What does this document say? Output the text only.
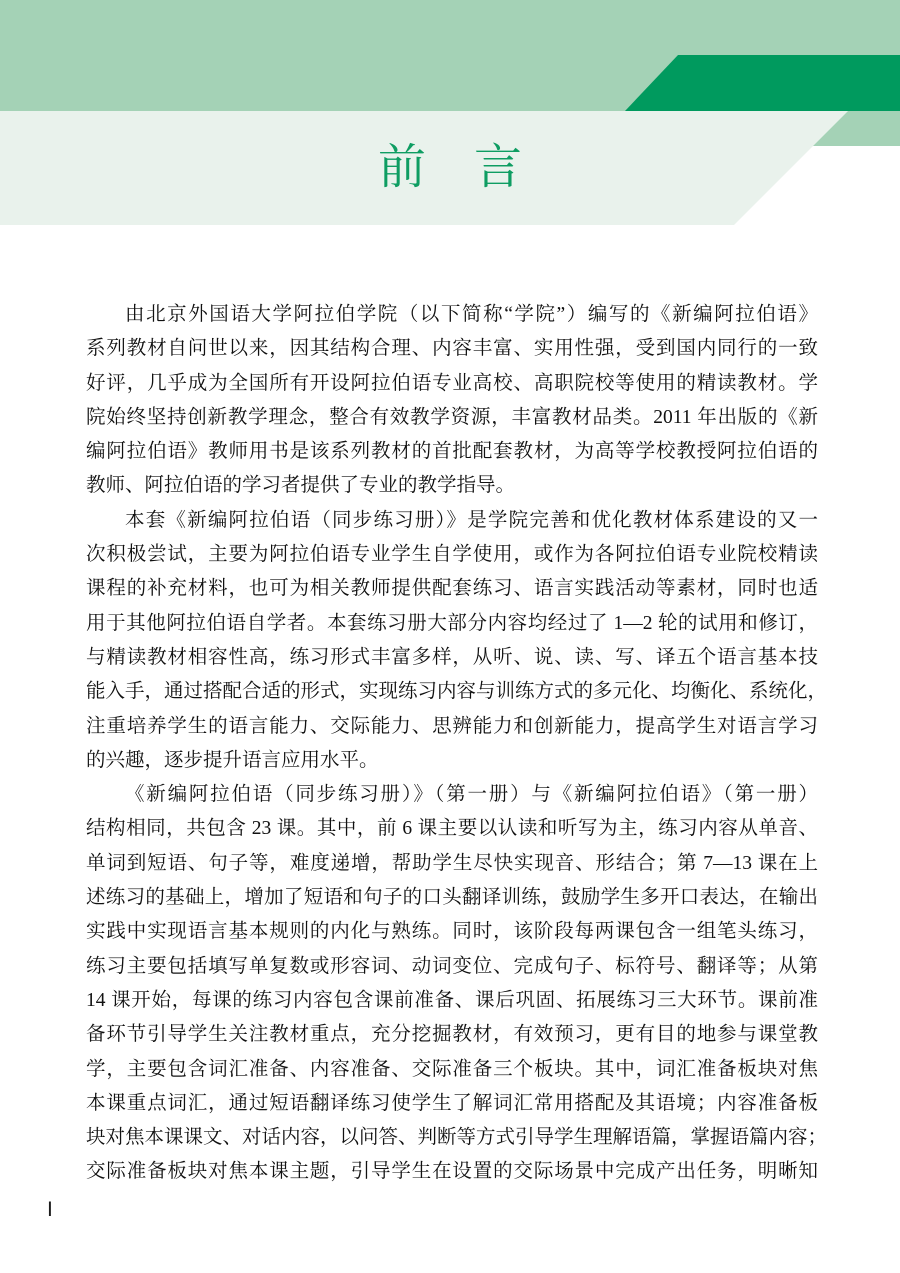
前　言
由北京外国语大学阿拉伯学院（以下简称“学院”）编写的《新编阿拉伯语》
系列教材自问世以来，因其结构合理、内容丰富、实用性强，受到国内同行的一致
好评，几乎成为全国所有开设阿拉伯语专业高校、高职院校等使用的精读教材。学
院始终坚持创新教学理念，整合有效教学资源，丰富教材品类。2011 年出版的《新
编阿拉伯语》教师用书是该系列教材的首批配套教材，为高等学校教授阿拉伯语的
教师、阿拉伯语的学习者提供了专业的教学指导。
本套《新编阿拉伯语（同步练习册）》是学院完善和优化教材体系建设的又一
次积极尝试，主要为阿拉伯语专业学生自学使用，或作为各阿拉伯语专业院校精读
课程的补充材料，也可为相关教师提供配套练习、语言实践活动等素材，同时也适
用于其他阿拉伯语自学者。本套练习册大部分内容均经过了 1—2 轮的试用和修订，
与精读教材相容性高，练习形式丰富多样，从听、说、读、写、译五个语言基本技
能入手，通过搭配合适的形式，实现练习内容与训练方式的多元化、均衡化、系统化，
注重培养学生的语言能力、交际能力、思辨能力和创新能力，提高学生对语言学习
的兴趣，逐步提升语言应用水平。
《新编阿拉伯语（同步练习册）》（第一册）与《新编阿拉伯语》（第一册）
结构相同，共包含 23 课。其中，前 6 课主要以认读和听写为主，练习内容从单音、
单词到短语、句子等，难度递增，帮助学生尽快实现音、形结合；第 7—13 课在上
述练习的基础上，增加了短语和句子的口头翻译训练，鼓励学生多开口表达，在输出
实践中实现语言基本规则的内化与熟练。同时，该阶段每两课包含一组笔头练习，
练习主要包括填写单复数或形容词、动词变位、完成句子、标符号、翻译等；从第
14 课开始，每课的练习内容包含课前准备、课后巩固、拓展练习三大环节。课前准
备环节引导学生关注教材重点，充分挖掘教材，有效预习，更有目的地参与课堂教
学，主要包含词汇准备、内容准备、交际准备三个板块。其中，词汇准备板块对焦
本课重点词汇，通过短语翻译练习使学生了解词汇常用搭配及其语境；内容准备板
块对焦本课课文、对话内容，以问答、判断等方式引导学生理解语篇，掌握语篇内容；
交际准备板块对焦本课主题，引导学生在设置的交际场景中完成产出任务，明晰知
I
